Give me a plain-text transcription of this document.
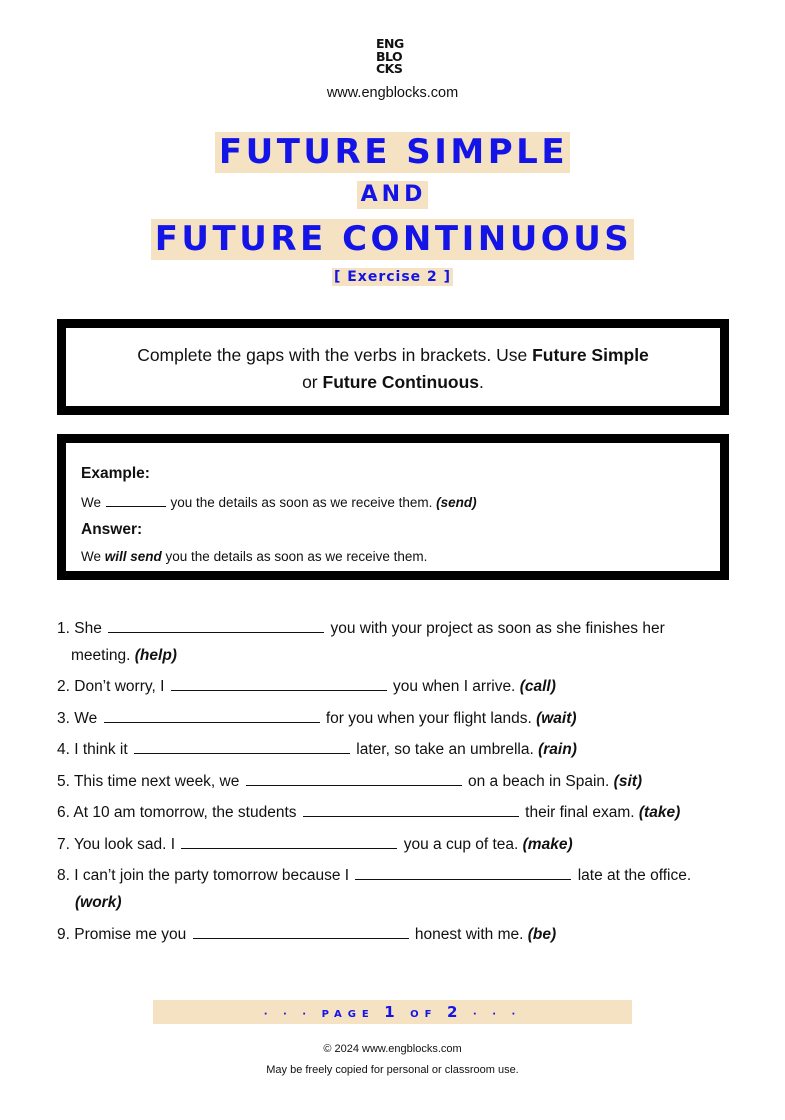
ENG
BLO
CKS
www.engblocks.com
FUTURE SIMPLE
AND
FUTURE CONTINUOUS
[ Exercise 2 ]
Complete the gaps with the verbs in brackets. Use Future Simple
or Future Continuous.
Example:
We	you the details as soon as we receive them. (send)
Answer:
We will send you the details as soon as we receive them.
1. She	you with your project as soon as she finishes her
meeting. (help)
2. Don’t worry, I	you when I arrive. (call)
3. We	for you when your flight lands. (wait)
4. I think it	later, so take an umbrella. (rain)
5. This time next week, we	on a beach in Spain. (sit)
6. At 10 am tomorrow, the students	their final exam. (take)
7. You look sad. I	you a cup of tea. (make)
8. I can’t join the party tomorrow because I	late at the office.
(work)
9. Promise me you	honest with me. (be)
· · · PAGE 1 OF 2 · · ·
© 2024 www.engblocks.com
May be freely copied for personal or classroom use.
